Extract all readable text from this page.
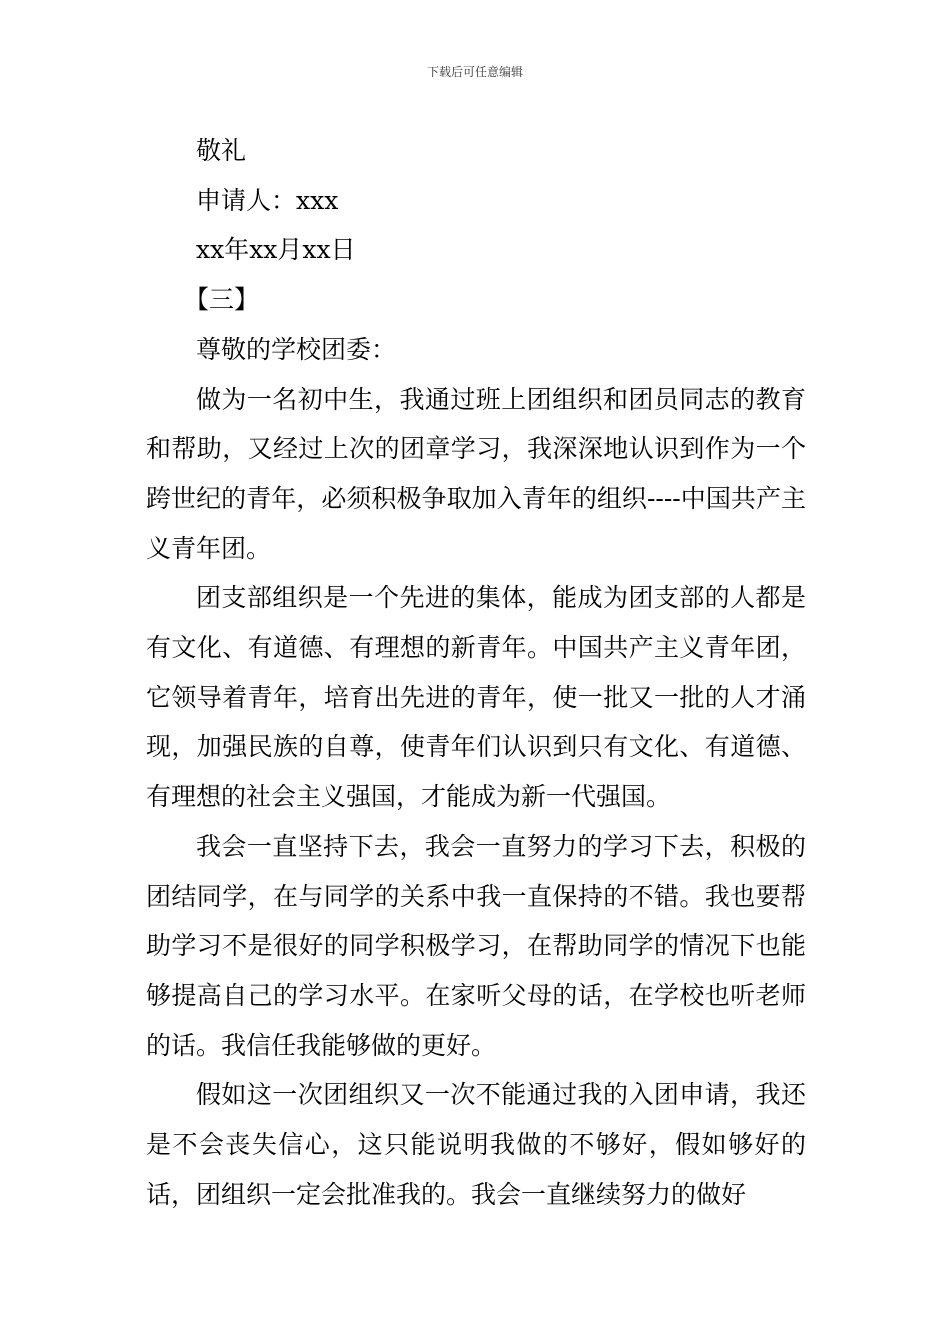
下载后可任意编辑

敬礼

申请人：xxx

xx年xx月xx日

【三】

尊敬的学校团委：

做为一名初中生，我通过班上团组织和团员同志的教育和帮助，又经过上次的团章学习，我深深地认识到作为一个跨世纪的青年，必须积极争取加入青年的组织----中国共产主义青年团。

团支部组织是一个先进的集体，能成为团支部的人都是有文化、有道德、有理想的新青年。中国共产主义青年团，它领导着青年，培育出先进的青年，使一批又一批的人才涌现，加强民族的自尊，使青年们认识到只有文化、有道德、有理想的社会主义强国，才能成为新一代强国。

我会一直坚持下去，我会一直努力的学习下去，积极的团结同学，在与同学的关系中我一直保持的不错。我也要帮助学习不是很好的同学积极学习，在帮助同学的情况下也能够提高自己的学习水平。在家听父母的话，在学校也听老师的话。我信任我能够做的更好。

假如这一次团组织又一次不能通过我的入团申请，我还是不会丧失信心，这只能说明我做的不够好，假如够好的话，团组织一定会批准我的。我会一直继续努力的做好
